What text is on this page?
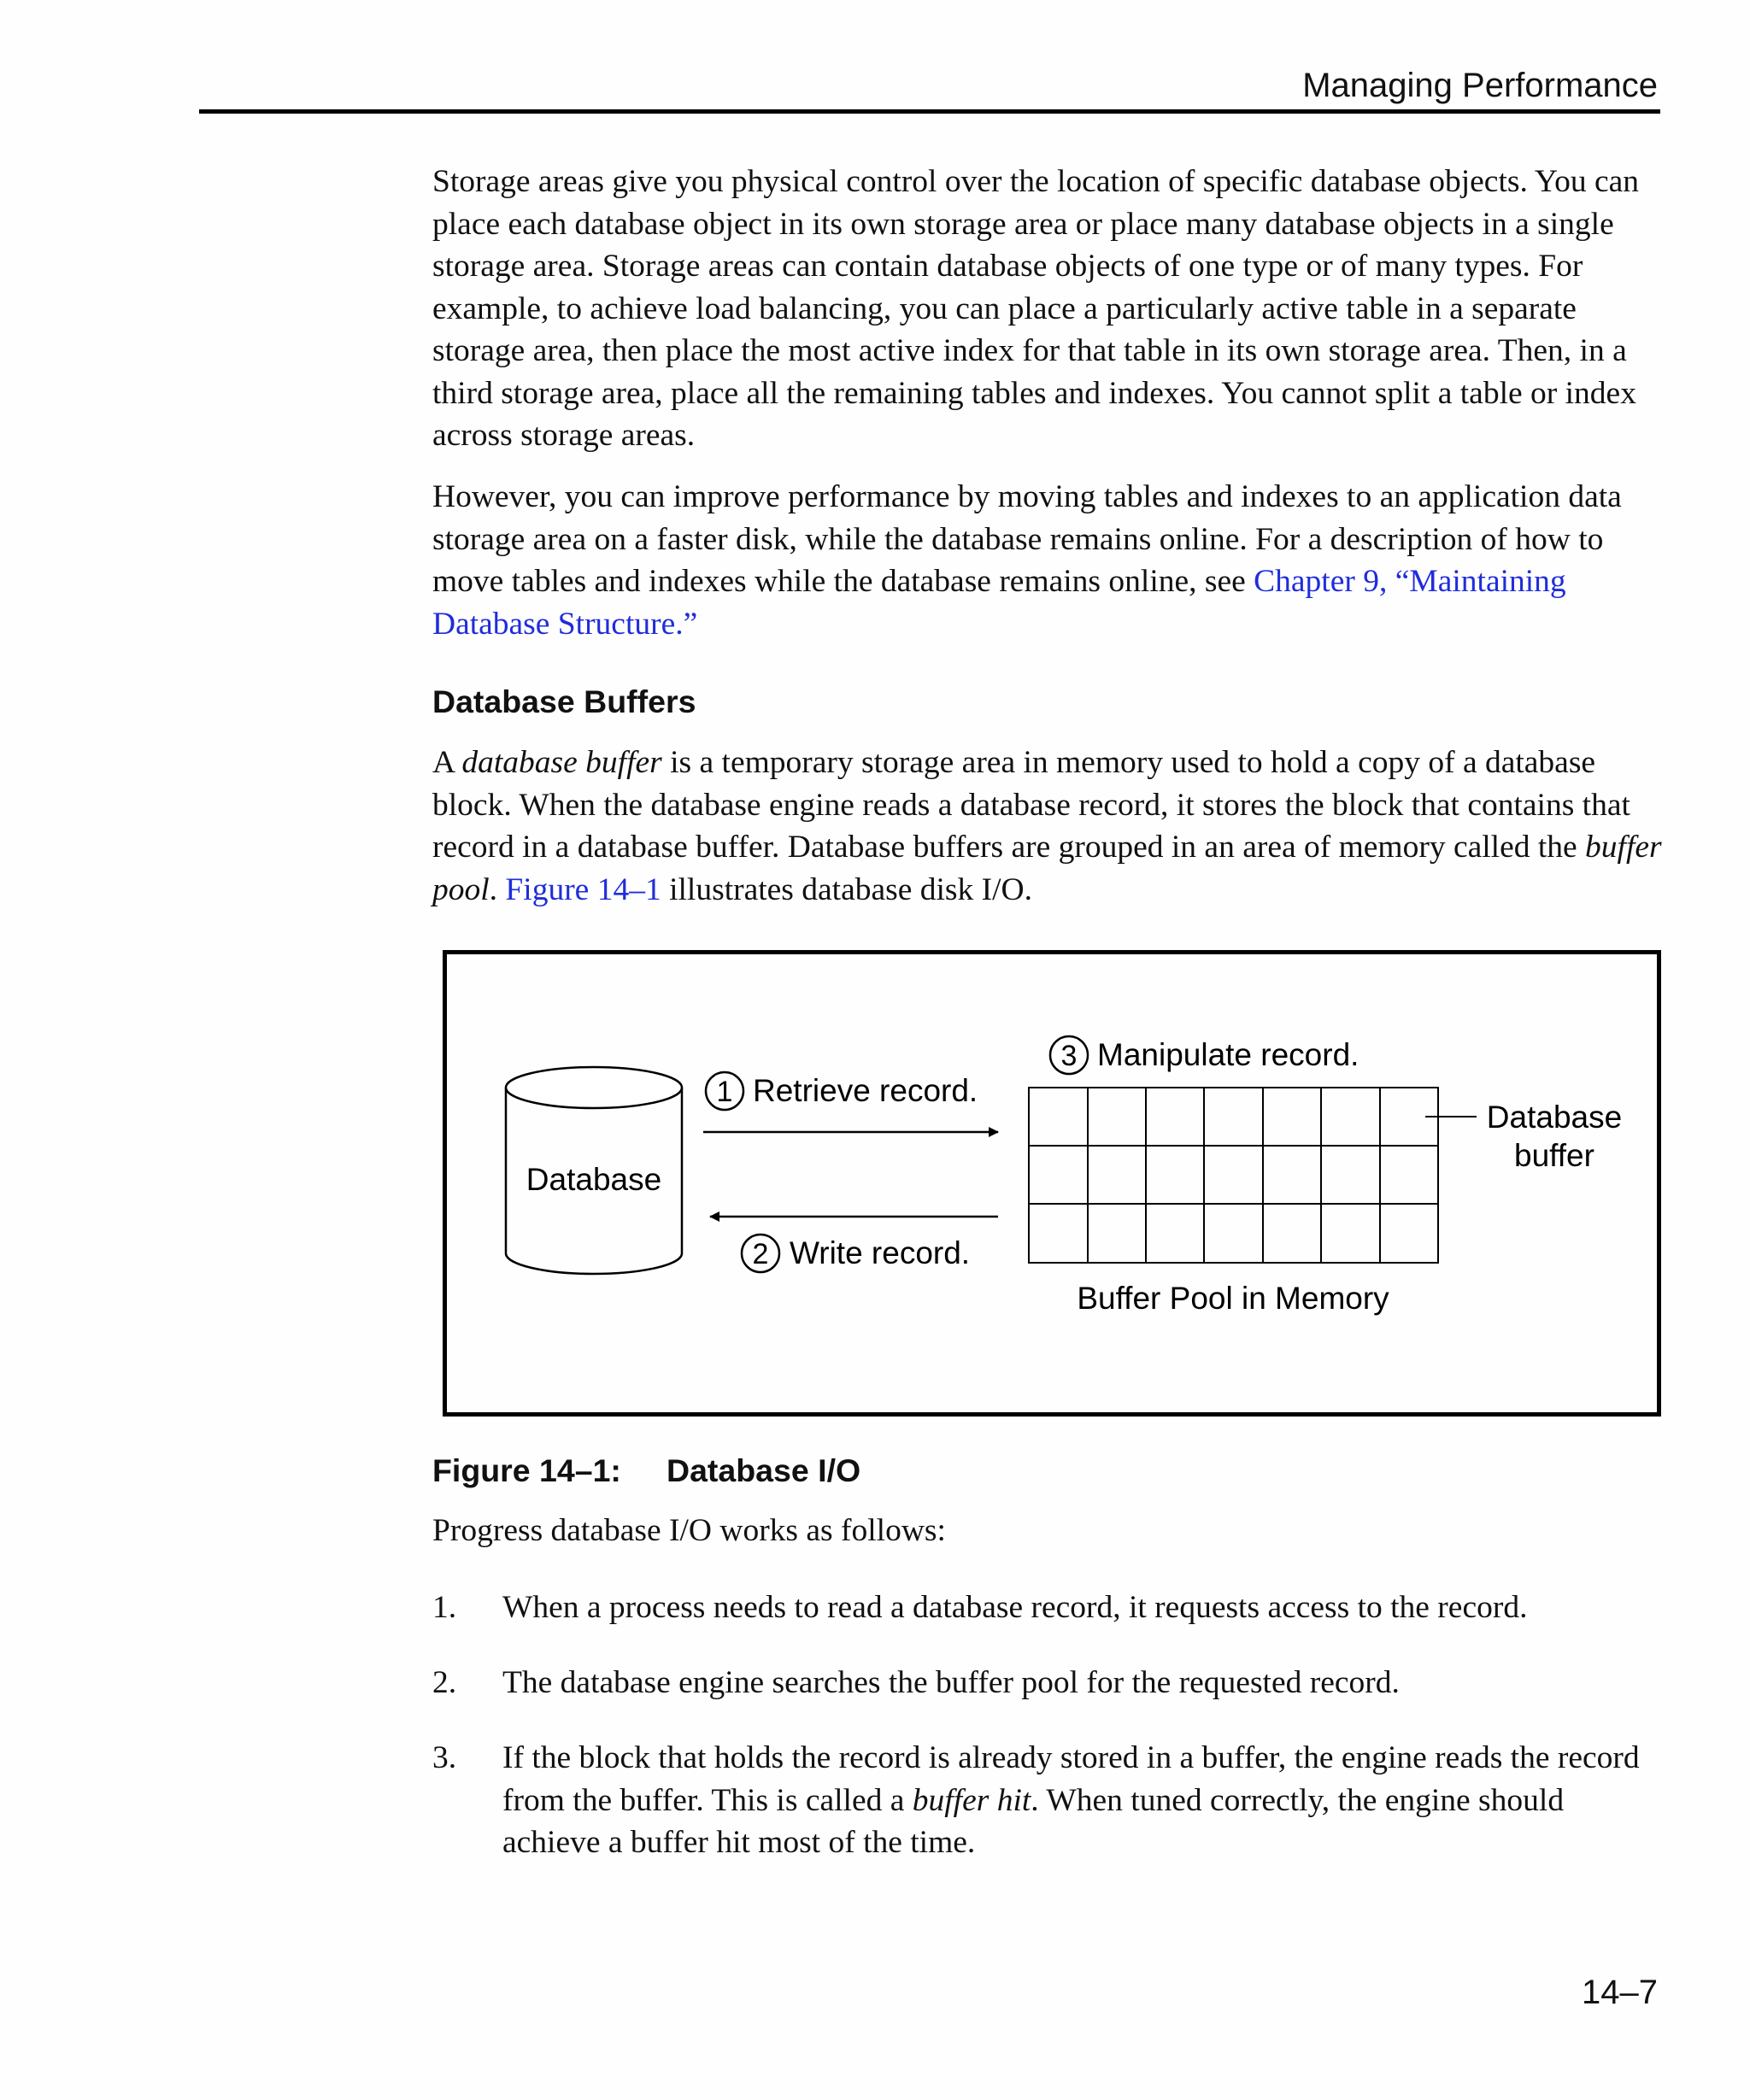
Managing Performance
Storage areas give you physical control over the location of specific database objects. You can place each database object in its own storage area or place many database objects in a single storage area. Storage areas can contain database objects of one type or of many types. For example, to achieve load balancing, you can place a particularly active table in a separate storage area, then place the most active index for that table in its own storage area. Then, in a third storage area, place all the remaining tables and indexes. You cannot split a table or index across storage areas.
However, you can improve performance by moving tables and indexes to an application data storage area on a faster disk, while the database remains online. For a description of how to move tables and indexes while the database remains online, see Chapter 9, “Maintaining Database Structure.”
Database Buffers
A database buffer is a temporary storage area in memory used to hold a copy of a database block. When the database engine reads a database record, it stores the block that contains that record in a database buffer. Database buffers are grouped in an area of memory called the buffer pool. Figure 14–1 illustrates database disk I/O.
Database
1 Retrieve record.
2 Write record.
3 Manipulate record.
Database
buffer
Buffer Pool in Memory
Figure 14–1: Database I/O
Progress database I/O works as follows:
1. When a process needs to read a database record, it requests access to the record.
2. The database engine searches the buffer pool for the requested record.
3. If the block that holds the record is already stored in a buffer, the engine reads the record from the buffer. This is called a buffer hit. When tuned correctly, the engine should achieve a buffer hit most of the time.
14–7
